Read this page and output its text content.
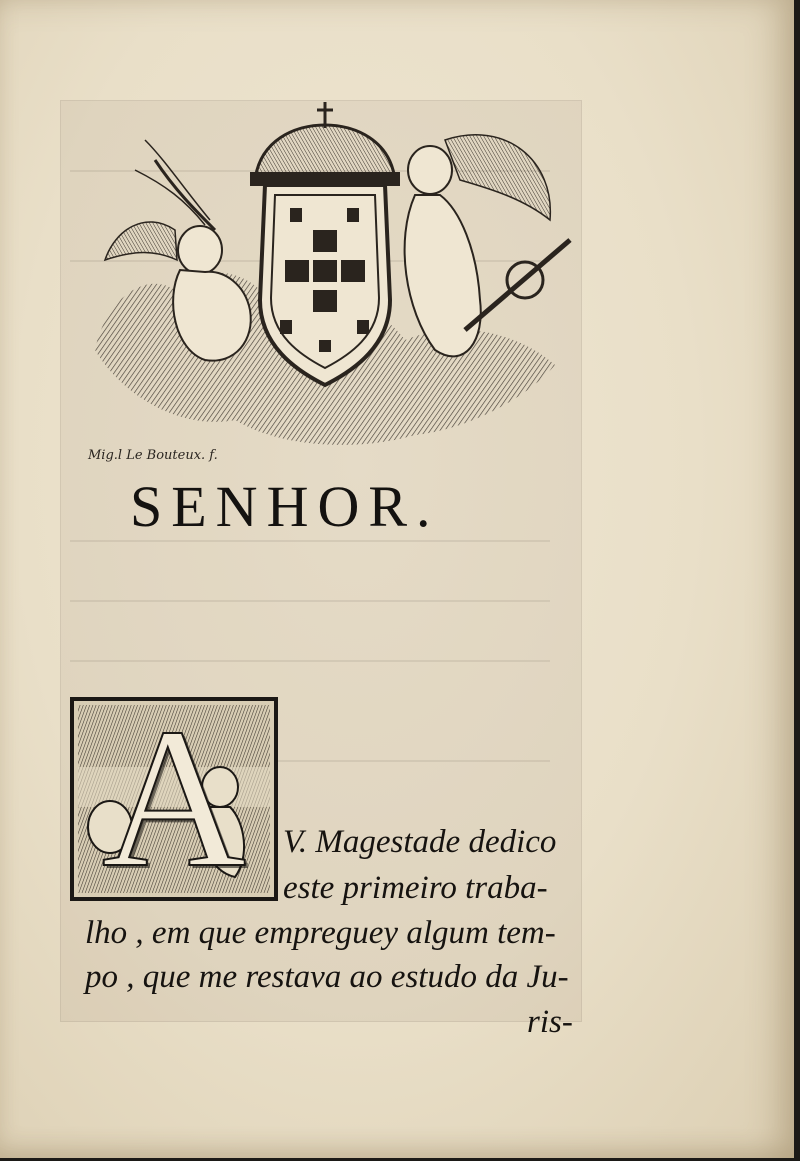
Mig.l Le Bouteux. f.
SENHOR.
A	V. Magestade dedico
este primeiro traba-
lho , em que empreguey algum tem-
po , que me restava ao estudo da Ju-
ris-
